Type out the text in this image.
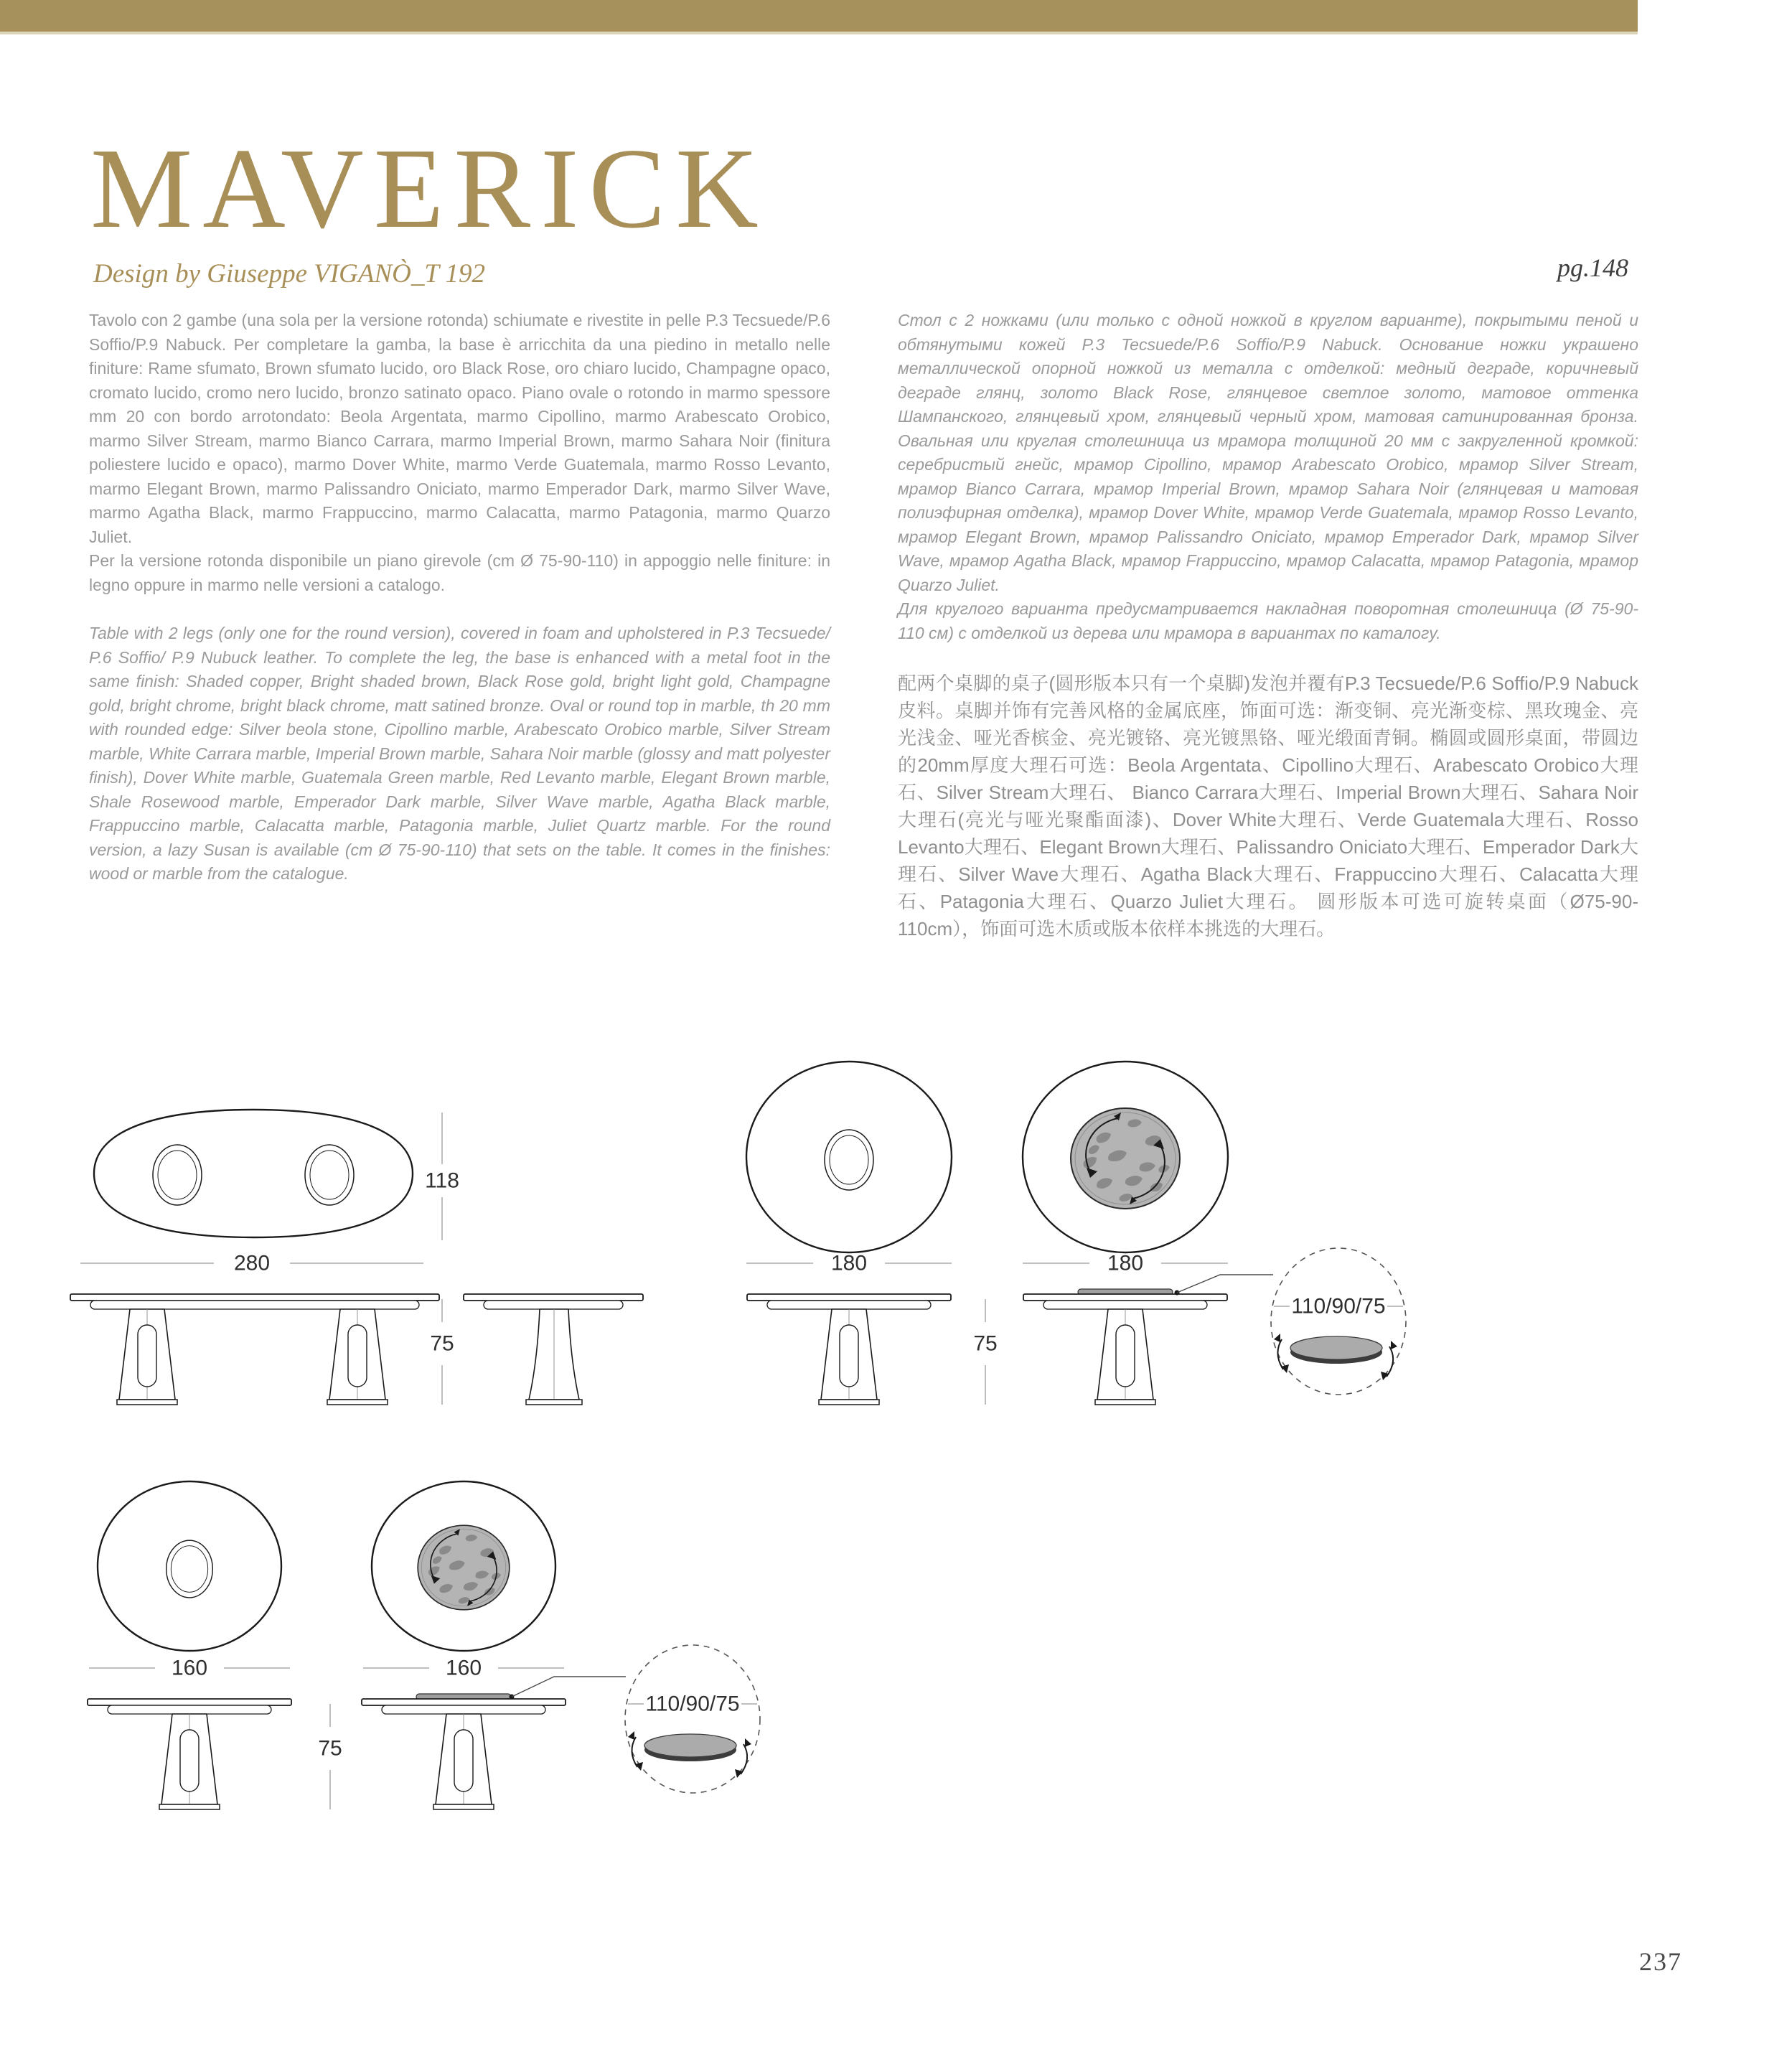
MAVERICK
Design by Giuseppe VIGANÒ_T 192	pg.148

Tavolo con 2 gambe (una sola per la versione rotonda) schiumate e rivestite in pelle P.3 Tecsuede/P.6 Soffio/P.9 Nabuck. Per completare la gamba, la base è arricchita da una piedino in metallo nelle finiture: Rame sfumato, Brown sfumato lucido, oro Black Rose, oro chiaro lucido, Champagne opaco, cromato lucido, cromo nero lucido, bronzo satinato opaco. Piano ovale o rotondo in marmo spessore mm 20 con bordo arrotondato: Beola Argentata, marmo Cipollino, marmo Arabescato Orobico, marmo Silver Stream, marmo Bianco Carrara, marmo Imperial Brown, marmo Sahara Noir (finitura poliestere lucido e opaco), marmo Dover White, marmo Verde Guatemala, marmo Rosso Levanto, marmo Elegant Brown, marmo Palissandro Oniciato, marmo Emperador Dark, marmo Silver Wave, marmo Agatha Black, marmo Frappuccino, marmo Calacatta, marmo Patagonia, marmo Quarzo Juliet.

Per la versione rotonda disponibile un piano girevole (cm Ø 75-90-110) in appoggio nelle finiture: in legno oppure in marmo nelle versioni a catalogo.

Table with 2 legs (only one for the round version), covered in foam and upholstered in P.3 Tecsuede/ P.6 Soffio/ P.9 Nubuck leather. To complete the leg, the base is enhanced with a metal foot in the same finish: Shaded copper, Bright shaded brown, Black Rose gold, bright light gold, Champagne gold, bright chrome, bright black chrome, matt satined bronze. Oval or round top in marble, th 20 mm with rounded edge: Silver beola stone, Cipollino marble, Arabescato Orobico marble, Silver Stream marble, White Carrara marble, Imperial Brown marble, Sahara Noir marble (glossy and matt polyester finish), Dover White marble, Guatemala Green marble, Red Levanto marble, Elegant Brown marble, Shale Rosewood marble, Emperador Dark marble, Silver Wave marble, Agatha Black marble, Frappuccino marble, Calacatta marble, Patagonia marble, Juliet Quartz marble. For the round version, a lazy Susan is available (cm Ø 75-90-110) that sets on the table. It comes in the finishes: wood or marble from the catalogue.

Стол с 2 ножками (или только с одной ножкой в круглом варианте), покрытыми пеной и обтянутыми кожей P.3 Tecsuede/P.6 Soffio/P.9 Nabuck. Основание ножки украшено металлической опорной ножкой из металла с отделкой: медный деграде, коричневый деграде глянц, золото Black Rose, глянцевое светлое золото, матовое оттенка Шампанского, глянцевый хром, глянцевый черный хром, матовая сатинированная бронза. Овальная или круглая столешница из мрамора толщиной 20 мм с закругленной кромкой: серебристый гнейс, мрамор Cipollino, мрамор Arabescato Orobico, мрамор Silver Stream, мрамор Bianco Carrara, мрамор Imperial Brown, мрамор Sahara Noir (глянцевая и матовая полиэфирная отделка), мрамор Dover White, мрамор Verde Guatemala, мрамор Rosso Levanto, мрамор Elegant Brown, мрамор Palissandro Oniciato, мрамор Emperador Dark, мрамор Silver Wave, мрамор Agatha Black, мрамор Frappuccino, мрамор Calacatta, мрамор Patagonia, мрамор Quarzo Juliet.

Для круглого варианта предусматривается накладная поворотная столешница (Ø 75-90-110 см) с отделкой из дерева или мрамора в вариантах по каталогу.

配两个桌脚的桌子(圆形版本只有一个桌脚)发泡并覆有P.3 Tecsuede/P.6 Soffio/P.9 Nabuck皮料。桌脚并饰有完善风格的金属底座，饰面可选：渐变铜、亮光渐变棕、黑玫瑰金、亮光浅金、哑光香槟金、亮光镀铬、亮光镀黑铬、哑光缎面青铜。椭圆或圆形桌面，带圆边的20mm厚度大理石可选：Beola Argentata、Cipollino大理石、Arabescato Orobico大理石、Silver Stream大理石、 Bianco Carrara大理石、Imperial Brown大理石、Sahara Noir大理石(亮光与哑光聚酯面漆)、Dover White大理石、Verde Guatemala大理石、Rosso Levanto大理石、Elegant Brown大理石、Palissandro Oniciato大理石、Emperador Dark大理石、Silver Wave大理石、Agatha Black大理石、Frappuccino大理石、Calacatta大理石、Patagonia大理石、Quarzo Juliet大理石。 圆形版本可选可旋转桌面（Ø75-90-110cm），饰面可选木质或版本依样本挑选的大理石。

118
280
75
180	180
75
110/90/75
160	160
75
110/90/75
237
